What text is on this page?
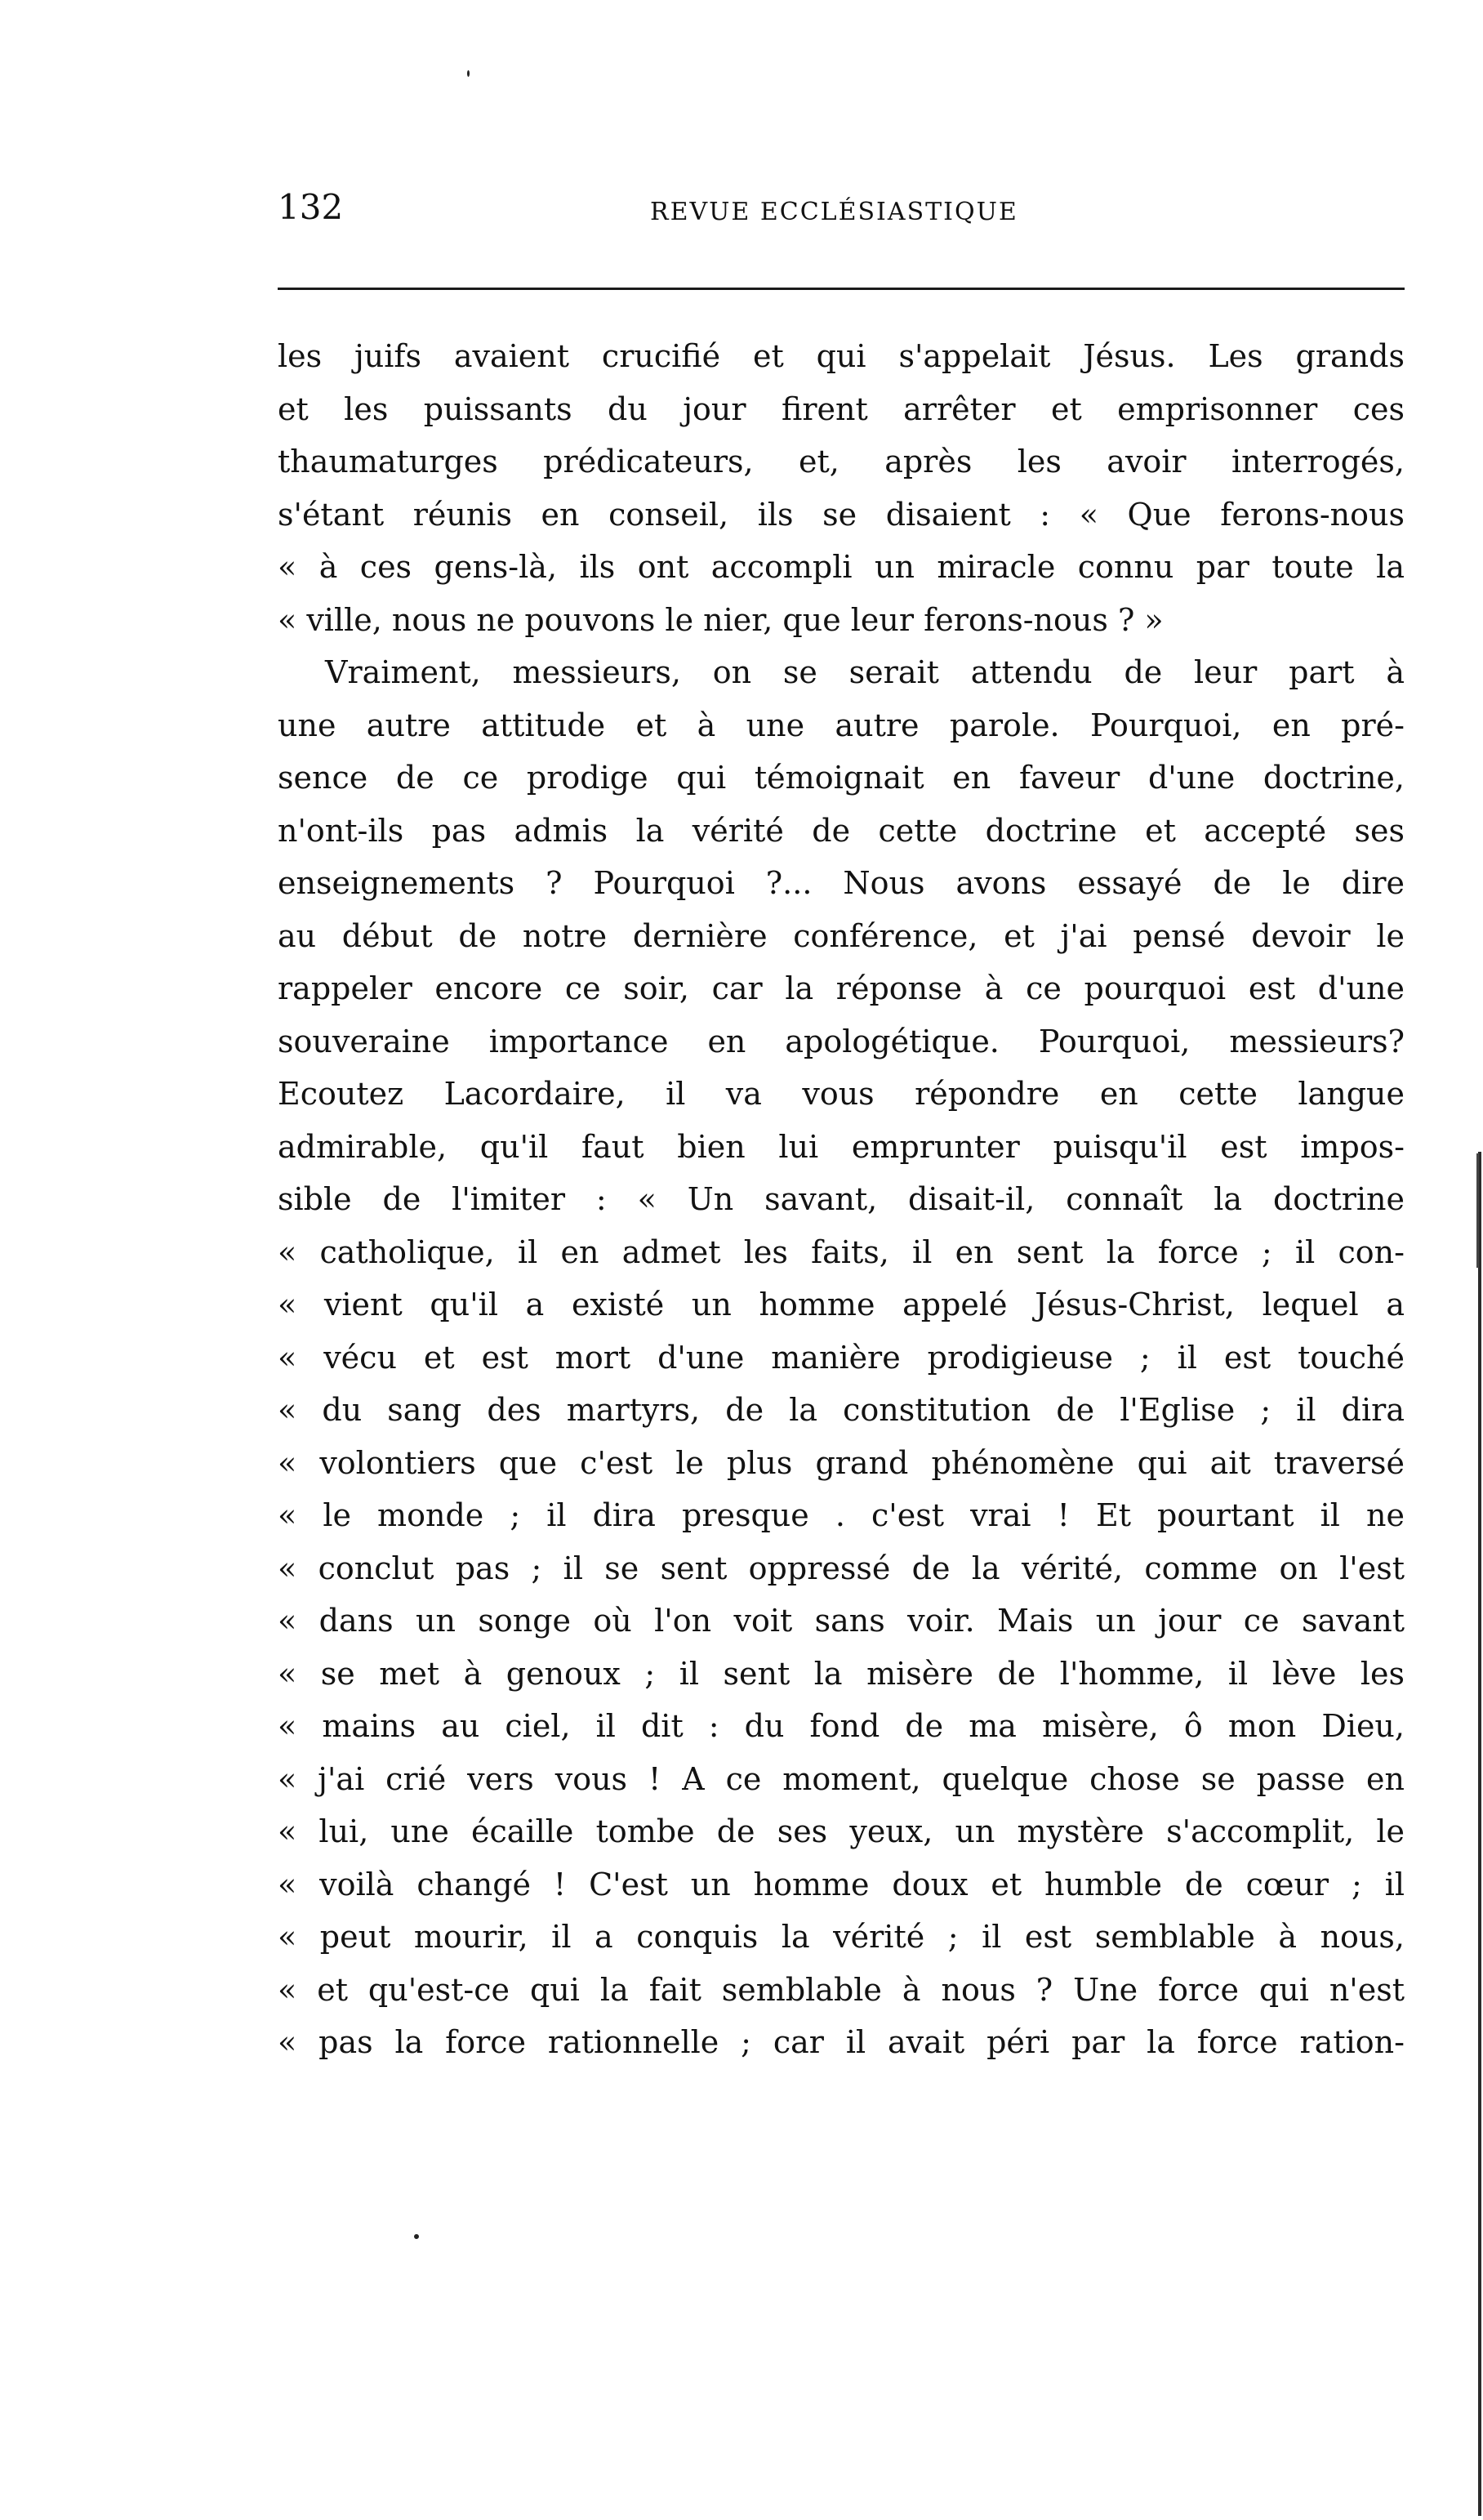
132	REVUE ECCLÉSIASTIQUE
les juifs avaient crucifié et qui s'appelait Jésus. Les grands
et les puissants du jour firent arrêter et emprisonner ces
thaumaturges prédicateurs, et, après les avoir interrogés,
s'étant réunis en conseil, ils se disaient : « Que ferons-nous
« à ces gens-là, ils ont accompli un miracle connu par toute la
« ville, nous ne pouvons le nier, que leur ferons-nous ? »
Vraiment, messieurs, on se serait attendu de leur part à
une autre attitude et à une autre parole. Pourquoi, en pré-
sence de ce prodige qui témoignait en faveur d'une doctrine,
n'ont-ils pas admis la vérité de cette doctrine et accepté ses
enseignements ? Pourquoi ?... Nous avons essayé de le dire
au début de notre dernière conférence, et j'ai pensé devoir le
rappeler encore ce soir, car la réponse à ce pourquoi est d'une
souveraine importance en apologétique. Pourquoi, messieurs?
Ecoutez Lacordaire, il va vous répondre en cette langue
admirable, qu'il faut bien lui emprunter puisqu'il est impos-
sible de l'imiter : « Un savant, disait-il, connaît la doctrine
« catholique, il en admet les faits, il en sent la force ; il con-
« vient qu'il a existé un homme appelé Jésus-Christ, lequel a
« vécu et est mort d'une manière prodigieuse ; il est touché
« du sang des martyrs, de la constitution de l'Eglise ; il dira
« volontiers que c'est le plus grand phénomène qui ait traversé
« le monde ; il dira presque . c'est vrai ! Et pourtant il ne
« conclut pas ; il se sent oppressé de la vérité, comme on l'est
« dans un songe où l'on voit sans voir. Mais un jour ce savant
« se met à genoux ; il sent la misère de l'homme, il lève les
« mains au ciel, il dit : du fond de ma misère, ô mon Dieu,
« j'ai crié vers vous ! A ce moment, quelque chose se passe en
« lui, une écaille tombe de ses yeux, un mystère s'accomplit, le
« voilà changé ! C'est un homme doux et humble de cœur ; il
« peut mourir, il a conquis la vérité ; il est semblable à nous,
« et qu'est-ce qui la fait semblable à nous ? Une force qui n'est
« pas la force rationnelle ; car il avait péri par la force ration-
